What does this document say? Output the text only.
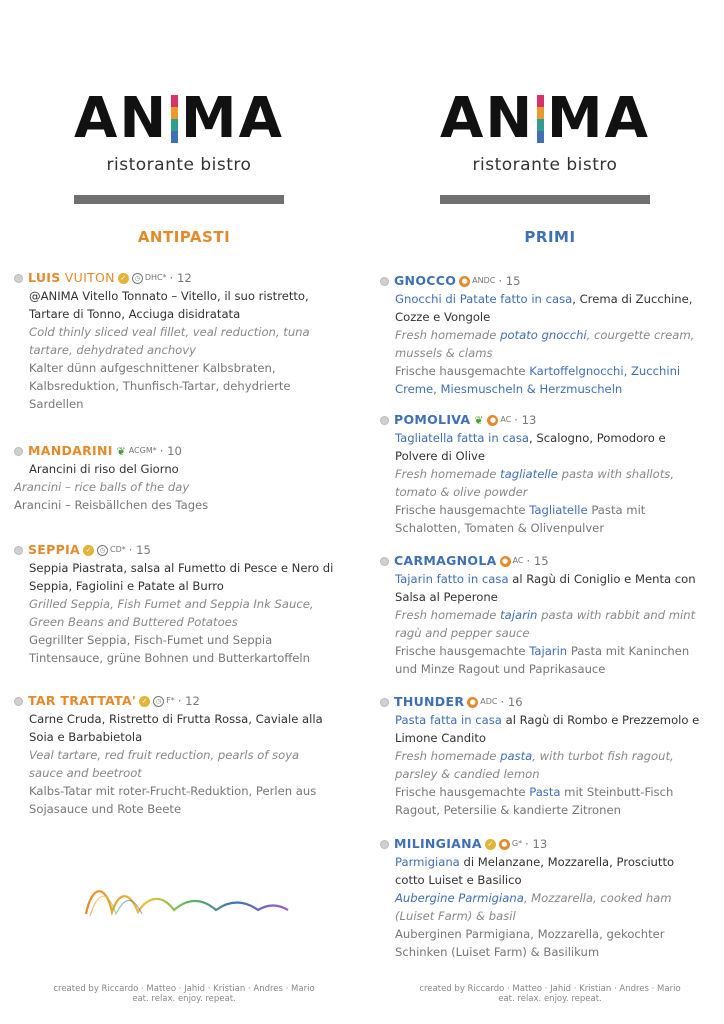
A N M A
ristorante bistro
ANTIPASTI
LUIS VUITON ✓	◷ DHC* · 12
@ANIMA Vitello Tonnato – Vitello, il suo ristretto, Tartare di Tonno, Acciuga disidratata
Cold thinly sliced veal fillet, veal reduction, tuna tartare, dehydrated anchovy
Kalter dünn aufgeschnittener Kalbsbraten, Kalbsreduktion, Thunfisch-Tartar, dehydrierte Sardellen
MANDARINI ❦ ACGM* · 10
Arancini di riso del Giorno
Arancini – rice balls of the day
Arancini – Reisbällchen des Tages
SEPPIA ✓	◷ CD* · 15
Seppia Piastrata, salsa al Fumetto di Pesce e Nero di Seppia, Fagiolini e Patate al Burro
Grilled Seppia, Fish Fumet and Seppia Ink Sauce, Green Beans and Buttered Potatoes
Gegrillter Seppia, Fisch-Fumet und Seppia Tintensauce, grüne Bohnen und Butterkartoffeln
TAR TRATTATA' ✓	◷ F* · 12
Carne Cruda, Ristretto di Frutta Rossa, Caviale alla Soia e Barbabietola
Veal tartare, red fruit reduction, pearls of soya sauce and beetroot
Kalbs-Tatar mit roter-Frucht-Reduktion, Perlen aus Sojasauce und Rote Beete
created by Riccardo · Matteo · Jahid · Kristian · Andres · Mario
eat. relax. enjoy. repeat.
A N M A
ristorante bistro
PRIMI
GNOCCO ● ANDC · 15
Gnocchi di Patate fatto in casa, Crema di Zucchine, Cozze e Vongole
Fresh homemade potato gnocchi, courgette cream, mussels & clams
Frische hausgemachte Kartoffelgnocchi, Zucchini Creme, Miesmuscheln & Herzmuscheln
POMOLIVA ❦ ● AC · 13
Tagliatella fatta in casa, Scalogno, Pomodoro e Polvere di Olive
Fresh homemade tagliatelle pasta with shallots, tomato & olive powder
Frische hausgemachte Tagliatelle Pasta mit Schalotten, Tomaten & Olivenpulver
CARMAGNOLA ● AC · 15
Tajarin fatto in casa al Ragù di Coniglio e Menta con Salsa al Peperone
Fresh homemade tajarin pasta with rabbit and mint ragù and pepper sauce
Frische hausgemachte Tajarin Pasta mit Kaninchen und Minze Ragout und Paprikasauce
THUNDER ● ADC · 16
Pasta fatta in casa al Ragù di Rombo e Prezzemolo e Limone Candito
Fresh homemade pasta, with turbot fish ragout, parsley & candied lemon
Frische hausgemachte Pasta mit Steinbutt-Fisch Ragout, Petersilie & kandierte Zitronen
MILINGIANA ✓	● G* · 13
Parmigiana di Melanzane, Mozzarella, Prosciutto cotto Luiset e Basilico
Aubergine Parmigiana, Mozzarella, cooked ham (Luiset Farm) & basil
Auberginen Parmigiana, Mozzarella, gekochter Schinken (Luiset Farm) & Basilikum
created by Riccardo · Matteo · Jahid · Kristian · Andres · Mario
eat. relax. enjoy. repeat.
